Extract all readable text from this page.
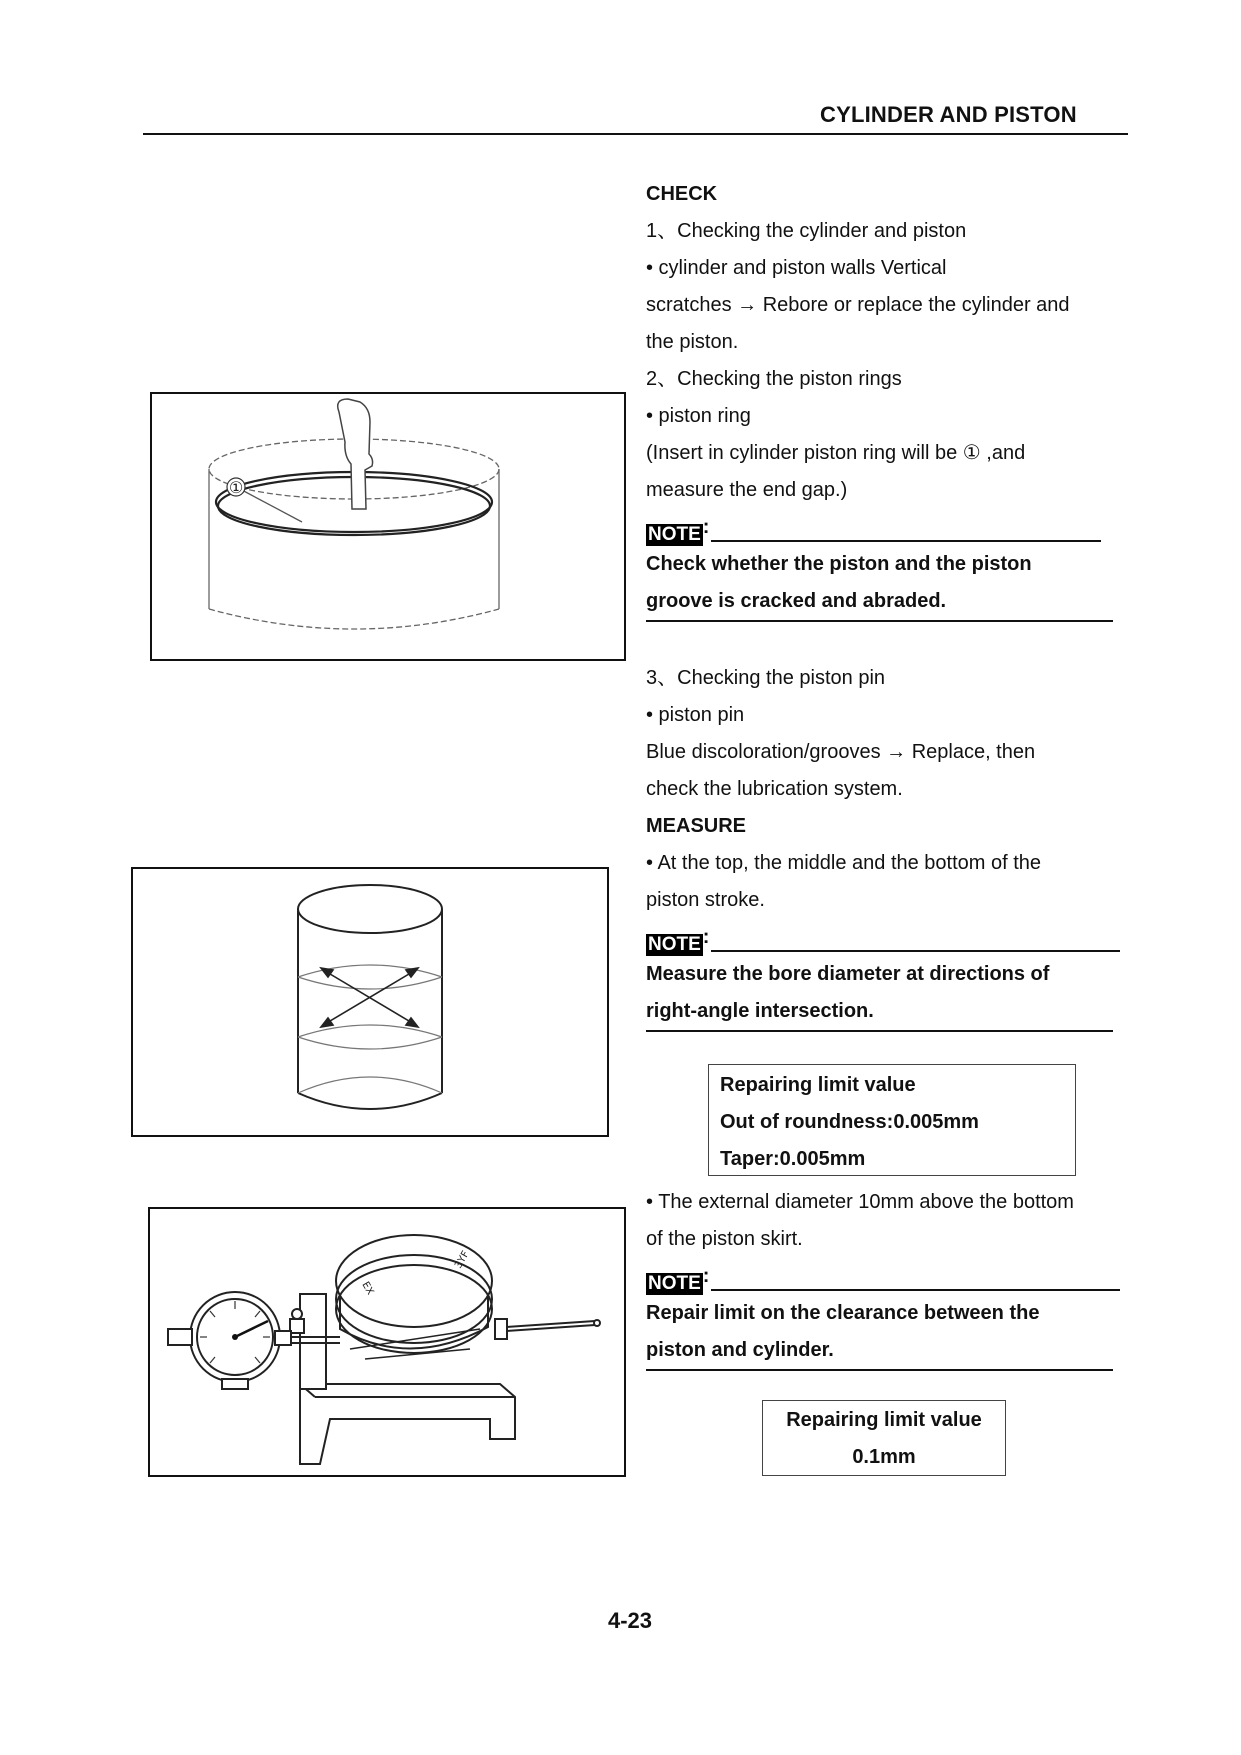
CYLINDER AND PISTON
CHECK
1、Checking the cylinder and piston
• cylinder and piston walls Vertical
scratches → Rebore or replace the cylinder and
the piston.
2、Checking the piston rings
• piston ring
(Insert in cylinder piston ring will be ① ,and
measure the end gap.)
NOTE :
Check whether the piston and the piston
groove is cracked and abraded.
3、Checking the piston pin
• piston pin
Blue discoloration/grooves → Replace, then
check the lubrication system.
MEASURE
• At the top, the middle and the bottom of the
piston stroke.
NOTE :
Measure the bore diameter at directions of
right-angle intersection.
Repairing limit value
Out of roundness:0.005mm
Taper:0.005mm
• The external diameter 10mm above the bottom
of the piston skirt.
NOTE :
Repair limit on the clearance between the
piston and cylinder.
Repairing limit value
0.1mm
①
EX
3YF
4-23
